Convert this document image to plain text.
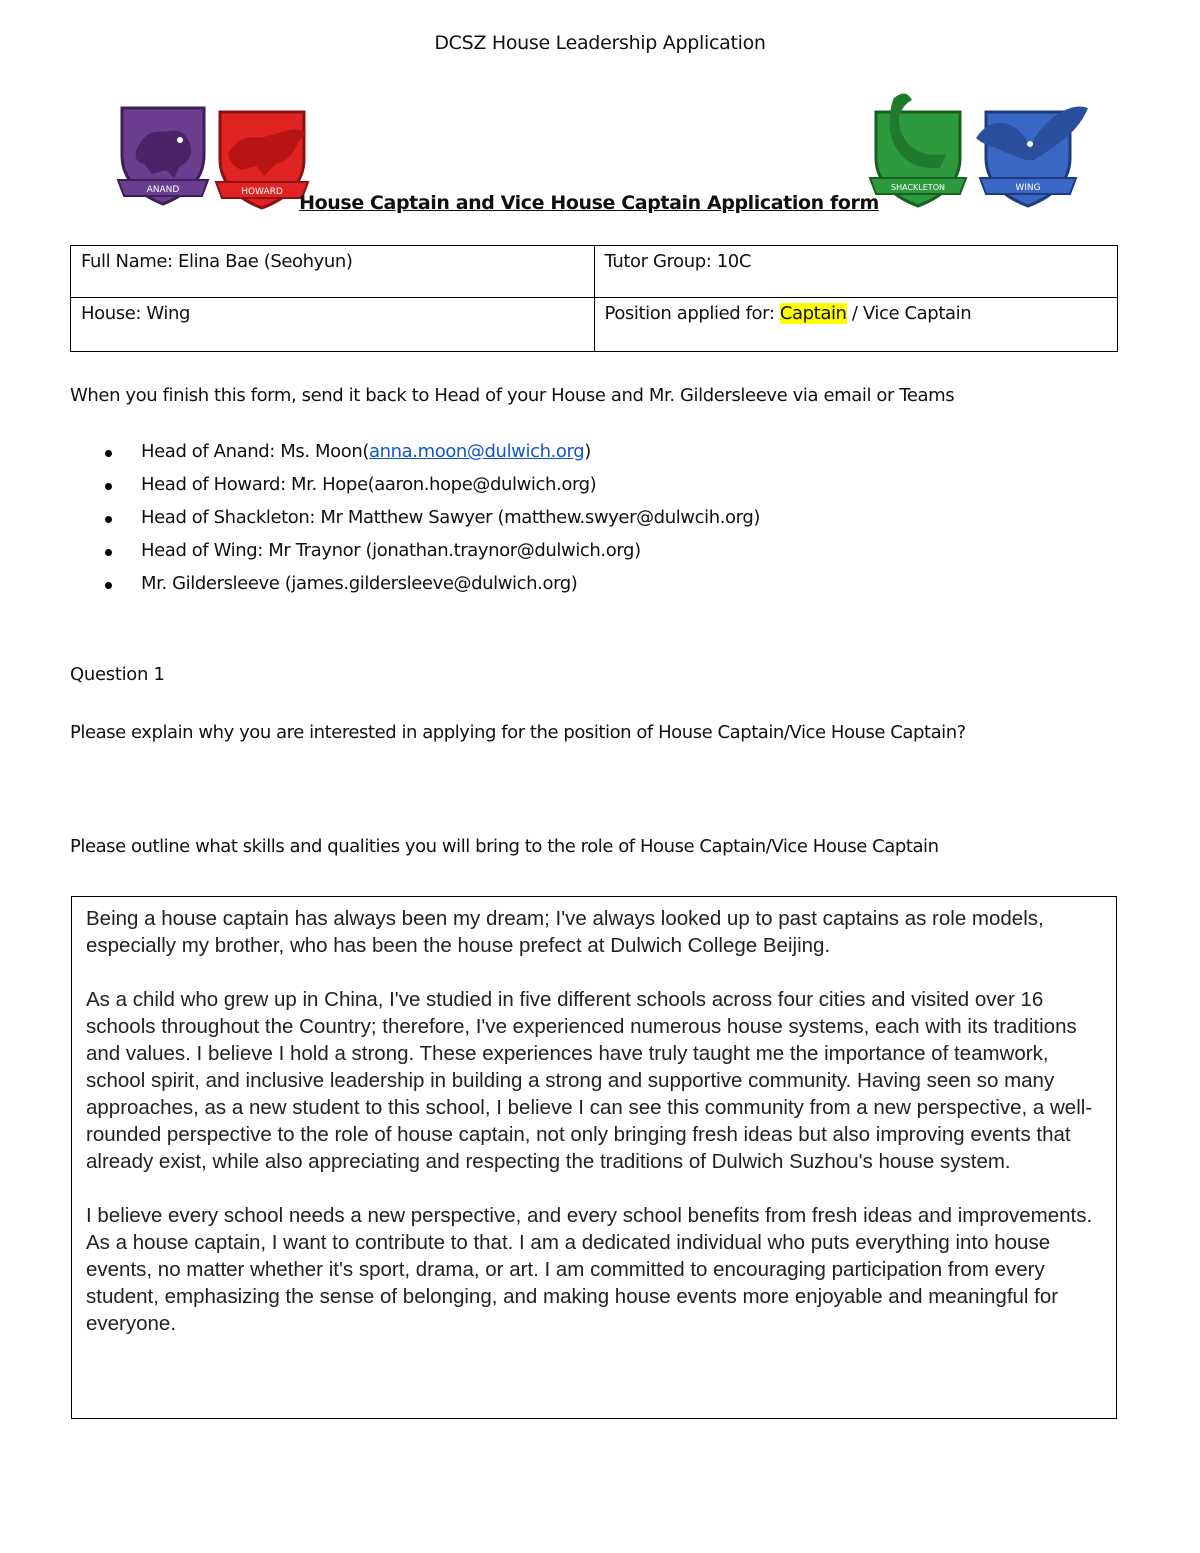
DCSZ House Leadership Application
ANAND	HOWARD	SHACKLETON	WING
House Captain and Vice House Captain Application form
Full Name: Elina Bae (Seohyun)	Tutor Group: 10C
House: Wing	Position applied for: Captain / Vice Captain
When you finish this form, send it back to Head of your House and Mr. Gildersleeve via email or Teams
Head of Anand: Ms. Moon(anna.moon@dulwich.org)
Head of Howard: Mr. Hope(aaron.hope@dulwich.org)
Head of Shackleton: Mr Matthew Sawyer (matthew.swyer@dulwcih.org)
Head of Wing: Mr Traynor (jonathan.traynor@dulwich.org)
Mr. Gildersleeve (james.gildersleeve@dulwich.org)
Question 1
Please explain why you are interested in applying for the position of House Captain/Vice House Captain?
Please outline what skills and qualities you will bring to the role of House Captain/Vice House Captain

Being a house captain has always been my dream; I've always looked up to past captains as role models, especially my brother, who has been the house prefect at Dulwich College Beijing.

As a child who grew up in China, I've studied in five different schools across four cities and visited over 16 schools throughout the Country; therefore, I've experienced numerous house systems, each with its traditions and values. I believe I hold a strong. These experiences have truly taught me the importance of teamwork, school spirit, and inclusive leadership in building a strong and supportive community. Having seen so many approaches, as a new student to this school, I believe I can see this community from a new perspective, a well-rounded perspective to the role of house captain, not only bringing fresh ideas but also improving events that already exist, while also appreciating and respecting the traditions of Dulwich Suzhou's house system.

I believe every school needs a new perspective, and every school benefits from fresh ideas and improvements. As a house captain, I want to contribute to that. I am a dedicated individual who puts everything into house events, no matter whether it's sport, drama, or art. I am committed to encouraging participation from every student, emphasizing the sense of belonging, and making house events more enjoyable and meaningful for everyone.
